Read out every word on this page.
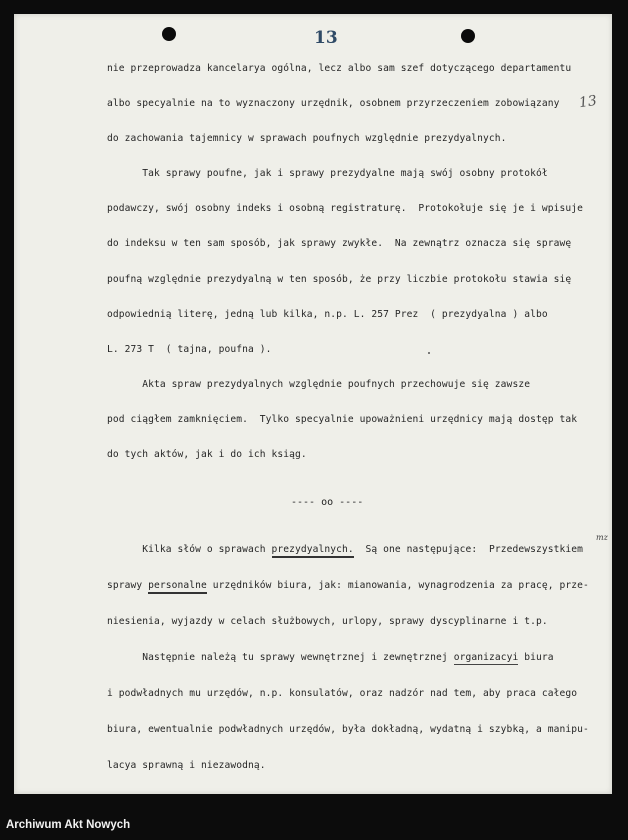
13
13
mz
nie przeprowadza kancelarya ogólna, lecz albo sam szef dotyczącego departamentu
albo specyalnie na to wyznaczony urzędnik, osobnem przyrzeczeniem zobowiązany
do zachowania tajemnicy w sprawach poufnych względnie prezydyalnych.
Tak sprawy poufne, jak i sprawy prezydyalne mają swój osobny protokół
podawczy, swój osobny indeks i osobną registraturę.  Protokołuje się je i wpisuje
do indeksu w ten sam sposób, jak sprawy zwykłe.  Na zewnątrz oznacza się sprawę
poufną względnie prezydyalną w ten sposób, że przy liczbie protokołu stawia się
odpowiednią literę, jedną lub kilka, n.p. L. 257 Prez  ( prezydyalna ) albo
L. 273 T  ( tajna, poufna ).
Akta spraw prezydyalnych względnie poufnych przechowuje się zawsze
pod ciągłem zamknięciem.  Tylko specyalnie upoważnieni urzędnicy mają dostęp tak
do tych aktów, jak i do ich ksiąg.
---- oo ----
Kilka słów o sprawach prezydyalnych.  Są one następujące:  Przedewszystkiem
sprawy personalne urzędników biura, jak: mianowania, wynagrodzenia za pracę, prze-
niesienia, wyjazdy w celach służbowych, urlopy, sprawy dyscyplinarne i t.p.
Następnie należą tu sprawy wewnętrznej i zewnętrznej organizacyi biura
i podwładnych mu urzędów, n.p. konsulatów, oraz nadzór nad tem, aby praca całego
biura, ewentualnie podwładnych urzędów, była dokładną, wydatną i szybką, a manipu-
lacya sprawną i niezawodną.
Archiwum Akt Nowych
